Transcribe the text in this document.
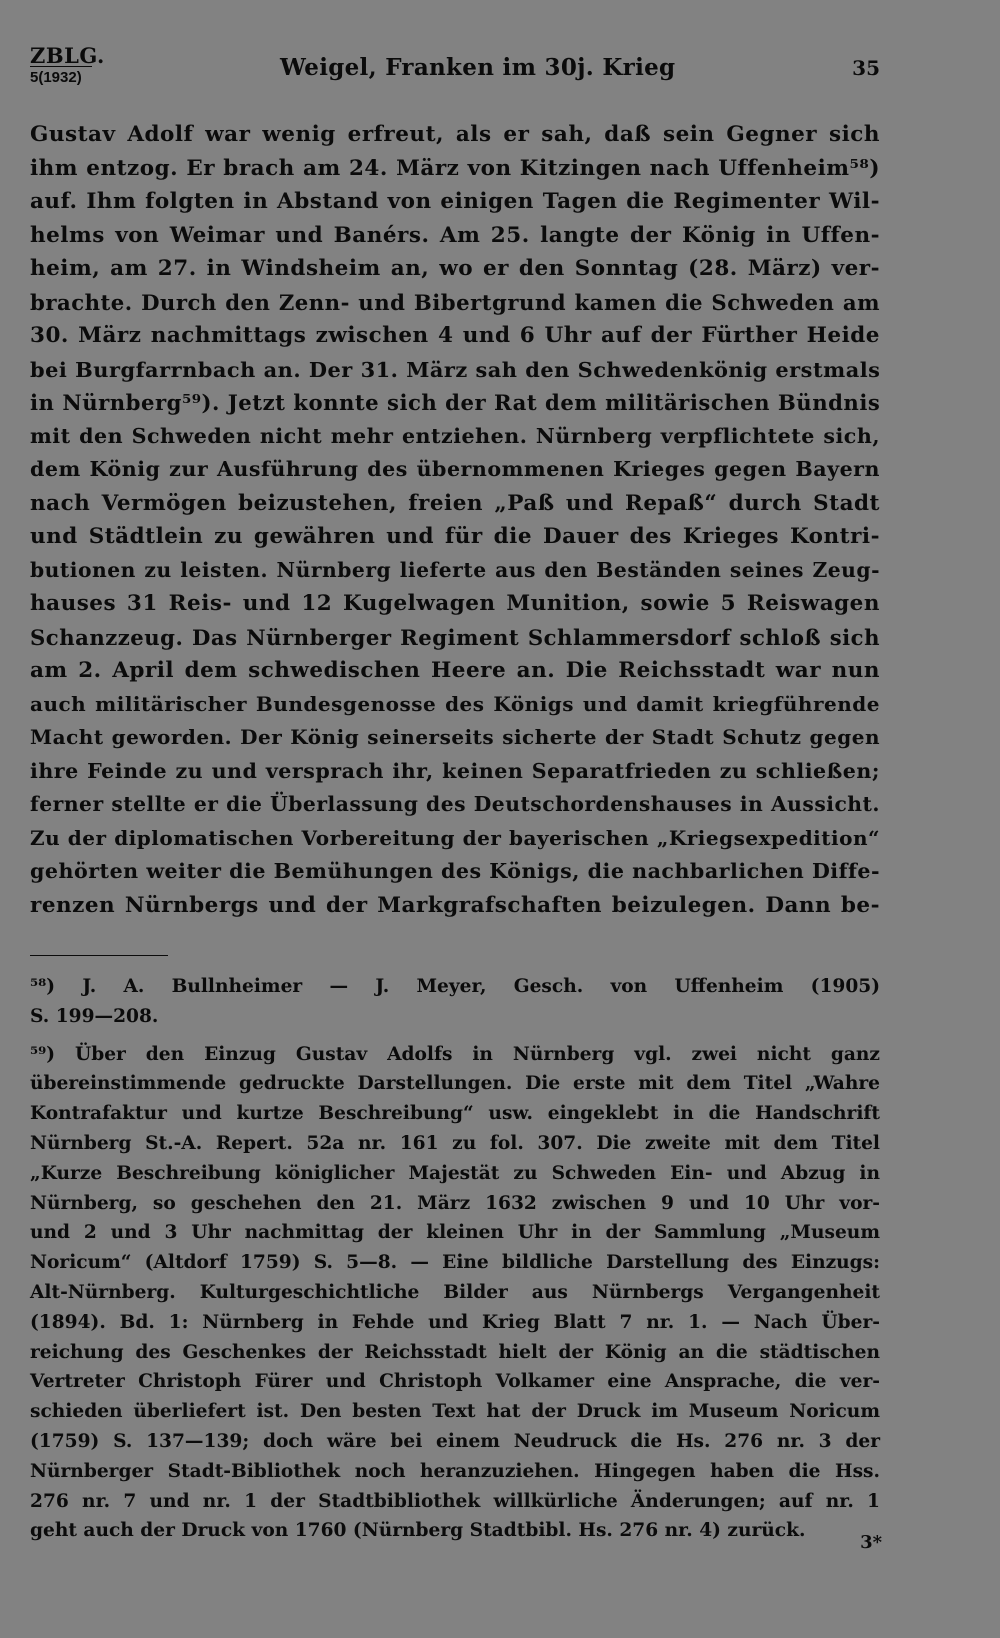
ZBLG.
5(1932)	Weigel, Franken im 30j. Krieg	35
Gustav Adolf war wenig erfreut, als er sah, daß sein Gegner sich
ihm entzog. Er brach am 24. März von Kitzingen nach Uffenheim⁵⁸)
auf. Ihm folgten in Abstand von einigen Tagen die Regimenter Wil-
helms von Weimar und Banérs. Am 25. langte der König in Uffen-
heim, am 27. in Windsheim an, wo er den Sonntag (28. März) ver-
brachte. Durch den Zenn- und Bibertgrund kamen die Schweden am
30. März nachmittags zwischen 4 und 6 Uhr auf der Fürther Heide
bei Burgfarrnbach an. Der 31. März sah den Schwedenkönig erstmals
in Nürnberg⁵⁹). Jetzt konnte sich der Rat dem militärischen Bündnis
mit den Schweden nicht mehr entziehen. Nürnberg verpflichtete sich,
dem König zur Ausführung des übernommenen Krieges gegen Bayern
nach Vermögen beizustehen, freien „Paß und Repaß“ durch Stadt
und Städtlein zu gewähren und für die Dauer des Krieges Kontri-
butionen zu leisten. Nürnberg lieferte aus den Beständen seines Zeug-
hauses 31 Reis- und 12 Kugelwagen Munition, sowie 5 Reiswagen
Schanzzeug. Das Nürnberger Regiment Schlammersdorf schloß sich
am 2. April dem schwedischen Heere an. Die Reichsstadt war nun
auch militärischer Bundesgenosse des Königs und damit kriegführende
Macht geworden. Der König seinerseits sicherte der Stadt Schutz gegen
ihre Feinde zu und versprach ihr, keinen Separatfrieden zu schließen;
ferner stellte er die Überlassung des Deutschordenshauses in Aussicht.
Zu der diplomatischen Vorbereitung der bayerischen „Kriegsexpedition“
gehörten weiter die Bemühungen des Königs, die nachbarlichen Diffe-
renzen Nürnbergs und der Markgrafschaften beizulegen. Dann be-
⁵⁸) J. A. Bullnheimer — J. Meyer, Gesch. von Uffenheim (1905)
S. 199—208.
⁵⁹) Über den Einzug Gustav Adolfs in Nürnberg vgl. zwei nicht ganz
übereinstimmende gedruckte Darstellungen. Die erste mit dem Titel „Wahre
Kontrafaktur und kurtze Beschreibung“ usw. eingeklebt in die Handschrift
Nürnberg St.-A. Repert. 52a nr. 161 zu fol. 307. Die zweite mit dem Titel
„Kurze Beschreibung königlicher Majestät zu Schweden Ein- und Abzug in
Nürnberg, so geschehen den 21. März 1632 zwischen 9 und 10 Uhr vor-
und 2 und 3 Uhr nachmittag der kleinen Uhr in der Sammlung „Museum
Noricum“ (Altdorf 1759) S. 5—8. — Eine bildliche Darstellung des Einzugs:
Alt-Nürnberg. Kulturgeschichtliche Bilder aus Nürnbergs Vergangenheit
(1894). Bd. 1: Nürnberg in Fehde und Krieg Blatt 7 nr. 1. — Nach Über-
reichung des Geschenkes der Reichsstadt hielt der König an die städtischen
Vertreter Christoph Fürer und Christoph Volkamer eine Ansprache, die ver-
schieden überliefert ist. Den besten Text hat der Druck im Museum Noricum
(1759) S. 137—139; doch wäre bei einem Neudruck die Hs. 276 nr. 3 der
Nürnberger Stadt-Bibliothek noch heranzuziehen. Hingegen haben die Hss.
276 nr. 7 und nr. 1 der Stadtbibliothek willkürliche Änderungen; auf nr. 1
geht auch der Druck von 1760 (Nürnberg Stadtbibl. Hs. 276 nr. 4) zurück.
3*
